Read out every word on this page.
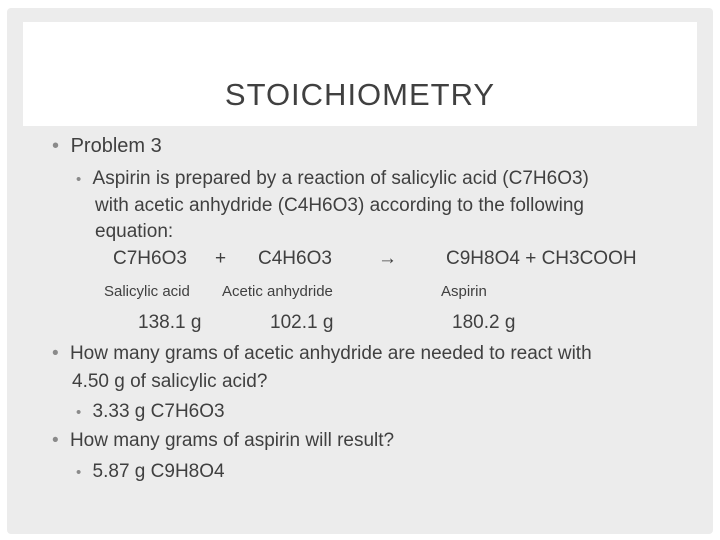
STOICHIOMETRY
• Problem 3
• Aspirin is prepared by a reaction of salicylic acid (C7H6O3)
with acetic anhydride (C4H6O3) according to the following
equation:
C7H6O3 + C4H6O3 →	C9H8O4 + CH3COOH
Salicylic acid Acetic anhydride	Aspirin
138.1 g	102.1 g	180.2 g
• How many grams of acetic anhydride are needed to react with
4.50 g of salicylic acid?
• 3.33 g C7H6O3
• How many grams of aspirin will result?
• 5.87 g C9H8O4
